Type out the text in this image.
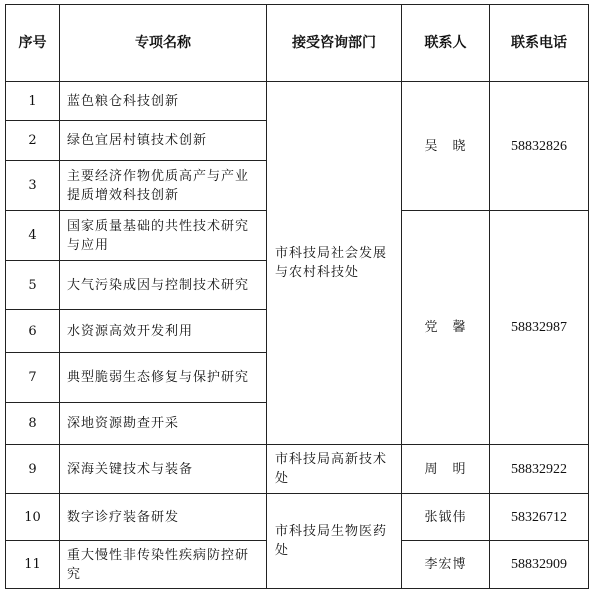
序号	专项名称	接受咨询部门	联系人	联系电话
1	蓝色粮仓科技创新	市科技局社会发展与农村科技处	吴　晓	58832826
2	绿色宜居村镇技术创新			
3	主要经济作物优质高产与产业提质增效科技创新			
4	国家质量基础的共性技术研究与应用		党　馨	58832987
5	大气污染成因与控制技术研究			
6	水资源高效开发利用			
7	典型脆弱生态修复与保护研究			
8	深地资源勘查开采			
9	深海关键技术与装备	市科技局高新技术处	周　明	58832922
10	数字诊疗装备研发	市科技局生物医药处	张钺伟	58326712
11	重大慢性非传染性疾病防控研究		李宏博	58832909
